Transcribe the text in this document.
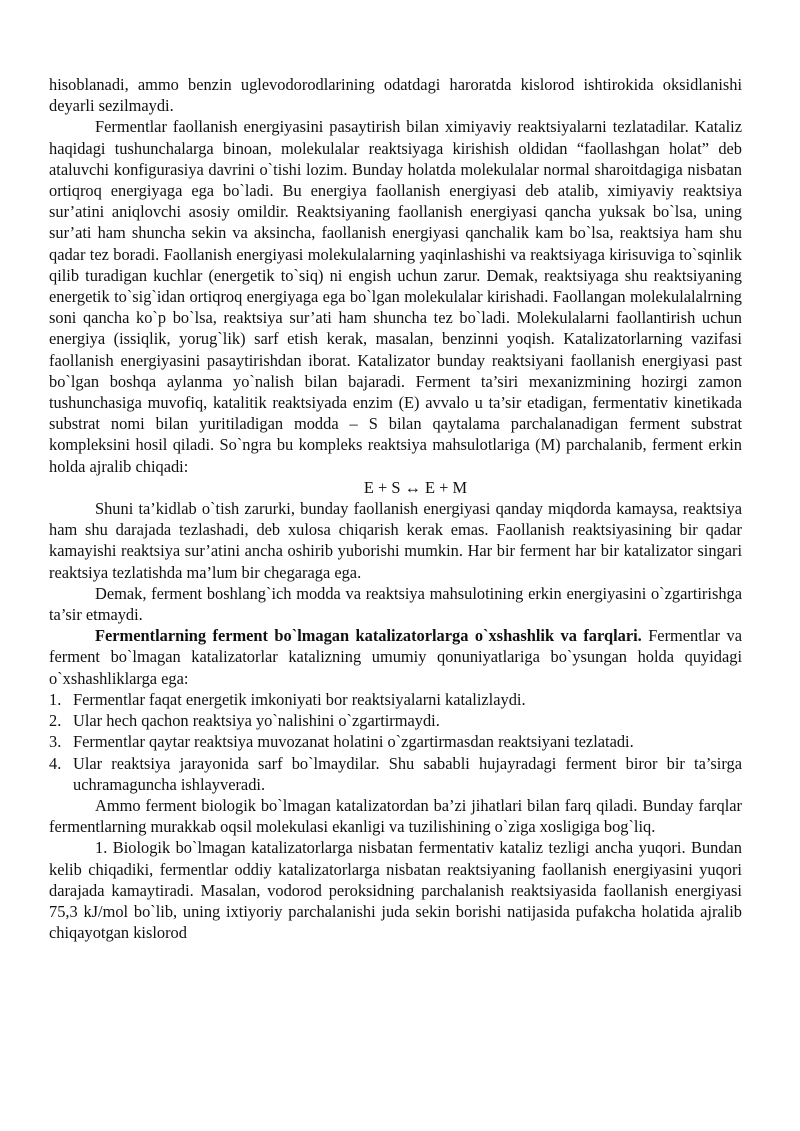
hisoblanadi, ammo benzin uglevodorodlarining odatdagi haroratda kislorod ishtirokida oksidlanishi deyarli sezilmaydi.

Fermentlar faollanish energiyasini pasaytirish bilan ximiyaviy reaktsiyalarni tezlatadilar. Kataliz haqidagi tushunchalarga binoan, molekulalar reaktsiyaga kirishish oldidan “faollashgan holat” deb ataluvchi konfigurasiya davrini o`tishi lozim. Bunday holatda molekulalar normal sharoitdagiga nisbatan ortiqroq energiyaga ega bo`ladi. Bu energiya faollanish energiyasi deb atalib, ximiyaviy reaktsiya sur’atini aniqlovchi asosiy omildir. Reaktsiyaning faollanish energiyasi qancha yuksak bo`lsa, uning sur’ati ham shuncha sekin va aksincha, faollanish energiyasi qanchalik kam bo`lsa, reaktsiya ham shu qadar tez boradi. Faollanish energiyasi molekulalarning yaqinlashishi va reaktsiyaga kirisuviga to`sqinlik qilib turadigan kuchlar (energetik to`siq) ni engish uchun zarur. Demak, reaktsiyaga shu reaktsiyaning energetik to`sig`idan ortiqroq energiyaga ega bo`lgan molekulalar kirishadi. Faollangan molekulalalrning soni qancha ko`p bo`lsa, reaktsiya sur’ati ham shuncha tez bo`ladi. Molekulalarni faollantirish uchun energiya (issiqlik, yorug`lik) sarf etish kerak, masalan, benzinni yoqish. Katalizatorlarning vazifasi faollanish energiyasini pasaytirishdan iborat. Katalizator bunday reaktsiyani faollanish energiyasi past bo`lgan boshqa aylanma yo`nalish bilan bajaradi. Ferment ta’siri mexanizmining hozirgi zamon tushunchasiga muvofiq, katalitik reaktsiyada enzim (E) avvalo u ta’sir etadigan, fermentativ kinetikada substrat nomi bilan yuritiladigan modda – S bilan qaytalama parchalanadigan ferment substrat kompleksini hosil qiladi. So`ngra bu kompleks reaktsiya mahsulotlariga (M) parchalanib, ferment erkin holda ajralib chiqadi:

E + S ↔ E + M

Shuni ta’kidlab o`tish zarurki, bunday faollanish energiyasi qanday miqdorda kamaysa, reaktsiya ham shu darajada tezlashadi, deb xulosa chiqarish kerak emas. Faollanish reaktsiyasining bir qadar kamayishi reaktsiya sur’atini ancha oshirib yuborishi mumkin. Har bir ferment har bir katalizator singari reaktsiya tezlatishda ma’lum bir chegaraga ega.

Demak, ferment boshlang`ich modda va reaktsiya mahsulotining erkin energiyasini o`zgartirishga ta’sir etmaydi.

Fermentlarning ferment bo`lmagan katalizatorlarga o`xshashlik va farqlari. Fermentlar va ferment bo`lmagan katalizatorlar katalizning umumiy qonuniyatlariga bo`ysungan holda quyidagi o`xshashliklarga ega:

1. Fermentlar faqat energetik imkoniyati bor reaktsiyalarni katalizlaydi.
2. Ular hech qachon reaktsiya yo`nalishini o`zgartirmaydi.
3. Fermentlar qaytar reaktsiya muvozanat holatini o`zgartirmasdan reaktsiyani tezlatadi.
4. Ular reaktsiya jarayonida sarf bo`lmaydilar. Shu sababli hujayradagi ferment biror bir ta’sirga uchramaguncha ishlayveradi.

Ammo ferment biologik bo`lmagan katalizatordan ba’zi jihatlari bilan farq qiladi. Bunday farqlar fermentlarning murakkab oqsil molekulasi ekanligi va tuzilishining o`ziga xosligiga bog`liq.

1. Biologik bo`lmagan katalizatorlarga nisbatan fermentativ kataliz tezligi ancha yuqori. Bundan kelib chiqadiki, fermentlar oddiy katalizatorlarga nisbatan reaktsiyaning faollanish energiyasini yuqori darajada kamaytiradi. Masalan, vodorod peroksidning parchalanish reaktsiyasida faollanish energiyasi 75,3 kJ/mol bo`lib, uning ixtiyoriy parchalanishi juda sekin borishi natijasida pufakcha holatida ajralib chiqayotgan kislorod
